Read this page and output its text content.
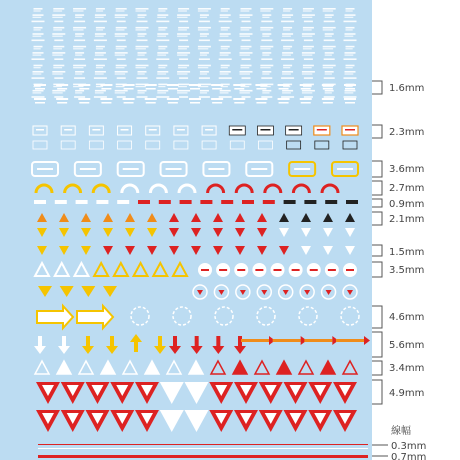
1.6mm
2.3mm
3.6mm
2.7mm
0.9mm
2.1mm
1.5mm
3.5mm
4.6mm
5.6mm
3.4mm
4.9mm
線幅
0.3mm
0.7mm
